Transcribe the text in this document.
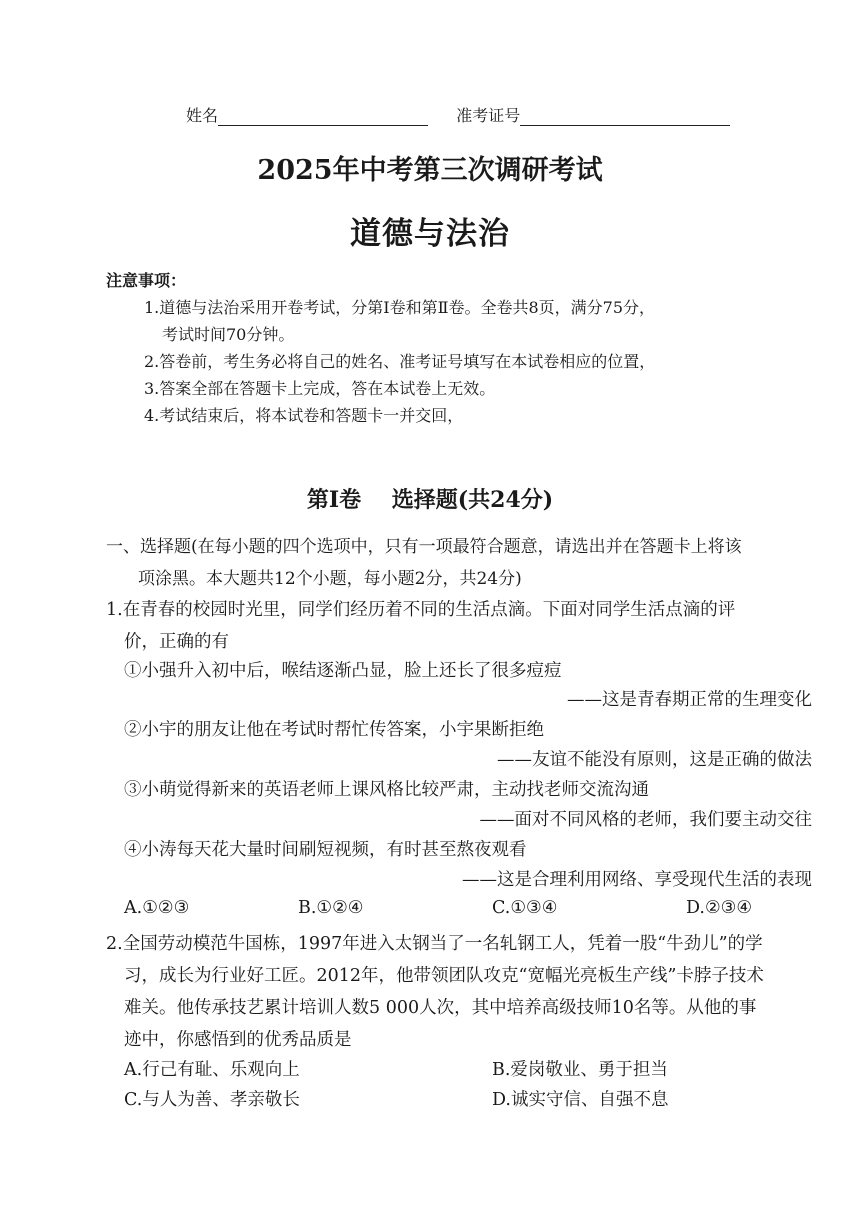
姓名	准考证号
2025年中考第三次调研考试
道德与法治
注意事项：
1.道德与法治采用开卷考试，分第Ⅰ卷和第Ⅱ卷。全卷共8页，满分75分，
考试时间70分钟。
2.答卷前，考生务必将自己的姓名、准考证号填写在本试卷相应的位置，
3.答案全部在答题卡上完成，答在本试卷上无效。
4.考试结束后，将本试卷和答题卡一并交回，
第Ⅰ卷    选择题(共24分)
一、选择题(在每小题的四个选项中，只有一项最符合题意，请选出并在答题卡上将该
项涂黑。本大题共12个小题，每小题2分，共24分)
1.在青春的校园时光里，同学们经历着不同的生活点滴。下面对同学生活点滴的评
价，正确的有
①小强升入初中后，喉结逐渐凸显，脸上还长了很多痘痘
——这是青春期正常的生理变化
②小宇的朋友让他在考试时帮忙传答案，小宇果断拒绝
——友谊不能没有原则，这是正确的做法
③小萌觉得新来的英语老师上课风格比较严肃，主动找老师交流沟通
——面对不同风格的老师，我们要主动交往
④小涛每天花大量时间刷短视频，有时甚至熬夜观看
——这是合理利用网络、享受现代生活的表现
A.①②③	B.①②④	C.①③④	D.②③④
2.全国劳动模范牛国栋，1997年进入太钢当了一名轧钢工人，凭着一股“牛劲儿”的学
习，成长为行业好工匠。2012年，他带领团队攻克“宽幅光亮板生产线”卡脖子技术
难关。他传承技艺累计培训人数5 000人次，其中培养高级技师10名等。从他的事
迹中，你感悟到的优秀品质是
A.行己有耻、乐观向上	B.爱岗敬业、勇于担当
C.与人为善、孝亲敬长	D.诚实守信、自强不息
